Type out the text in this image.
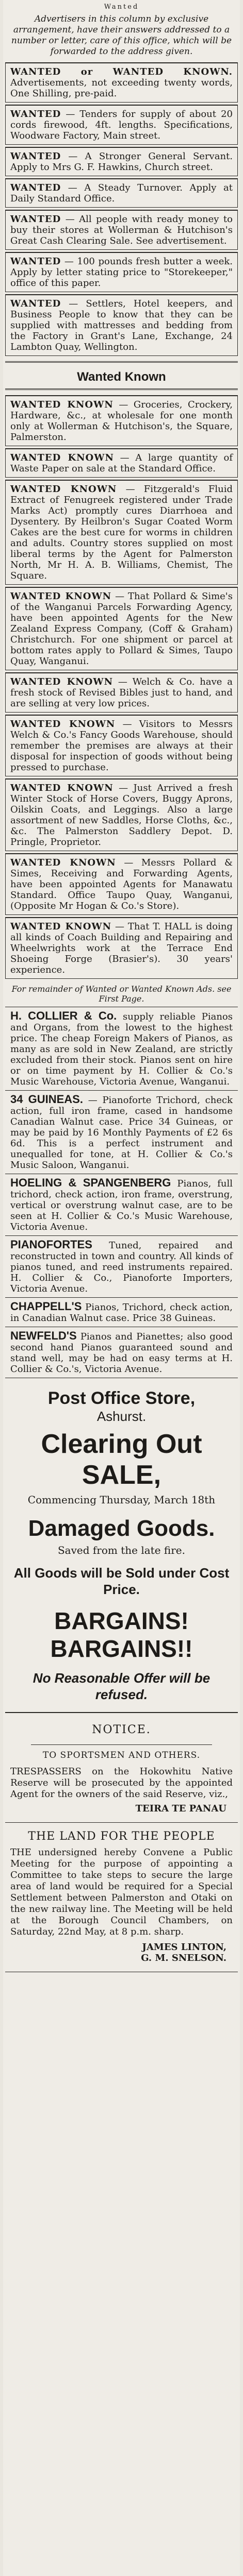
Wanted
Advertisers in this column by exclusive arrangement, have their answers addressed to a number or letter, care of this office, which will be forwarded to the address given.
WANTED or WANTED KNOWN. Advertisements, not exceeding twenty words, One Shilling, pre-paid.
WANTED — Tenders for supply of about 20 cords firewood, 4ft. lengths. Specifications, Woodware Factory, Main street.
WANTED — A Stronger General Servant. Apply to Mrs G. F. Hawkins, Church street.
WANTED — A Steady Turnover. Apply at Daily Standard Office.
WANTED — All people with ready money to buy their stores at Wollerman & Hutchison's Great Cash Clearing Sale. See advertisement.
WANTED — 100 pounds fresh butter a week. Apply by letter stating price to "Storekeeper," office of this paper.
WANTED — Settlers, Hotel keepers, and Business People to know that they can be supplied with mattresses and bedding from the Factory in Grant's Lane, Exchange, 24 Lambton Quay, Wellington.
Wanted Known
WANTED KNOWN — Groceries, Crockery, Hardware, &c., at wholesale for one month only at Wollerman & Hutchison's, the Square, Palmerston.
WANTED KNOWN — A large quantity of Waste Paper on sale at the Standard Office.
WANTED KNOWN — Fitzgerald's Fluid Extract of Fenugreek registered under Trade Marks Act) promptly cures Diarrhoea and Dysentery. By Heilbron's Sugar Coated Worm Cakes are the best cure for worms in children and adults. Country stores supplied on most liberal terms by the Agent for Palmerston North, Mr H. A. B. Williams, Chemist, The Square.
WANTED KNOWN — That Pollard & Sime's of the Wanganui Parcels Forwarding Agency, have been appointed Agents for the New Zealand Express Company, (Coff & Graham) Christchurch. For one shipment or parcel at bottom rates apply to Pollard & Simes, Taupo Quay, Wanganui.
WANTED KNOWN — Welch & Co. have a fresh stock of Revised Bibles just to hand, and are selling at very low prices.
WANTED KNOWN — Visitors to Messrs Welch & Co.'s Fancy Goods Warehouse, should remember the premises are always at their disposal for inspection of goods without being pressed to purchase.
WANTED KNOWN — Just Arrived a fresh Winter Stock of Horse Covers, Buggy Aprons, Oilskin Coats, and Leggings. Also a large assortment of new Saddles, Horse Cloths, &c., &c. The Palmerston Saddlery Depot. D. Pringle, Proprietor.
WANTED KNOWN — Messrs Pollard & Simes, Receiving and Forwarding Agents, have been appointed Agents for Manawatu Standard. Office Taupo Quay, Wanganui, (Opposite Mr Hogan & Co.'s Store).
WANTED KNOWN — That T. HALL is doing all kinds of Coach Building and Repairing and Wheelwrights work at the Terrace End Shoeing Forge (Brasier's). 30 years' experience.
For remainder of Wanted or Wanted Known Ads. see First Page.
H. COLLIER & Co. supply reliable Pianos and Organs, from the lowest to the highest price. The cheap Foreign Makers of Pianos, as many as are sold in New Zealand, are strictly excluded from their stock. Pianos sent on hire or on time payment by H. Collier & Co.'s Music Warehouse, Victoria Avenue, Wanganui.
34 GUINEAS. — Pianoforte Trichord, check action, full iron frame, cased in handsome Canadian Walnut case. Price 34 Guineas, or may be paid by 16 Monthly Payments of £2 6s 6d. This is a perfect instrument and unequalled for tone, at H. Collier & Co.'s Music Saloon, Wanganui.
HOELING & SPANGENBERG Pianos, full trichord, check action, iron frame, overstrung, vertical or overstrung walnut case, are to be seen at H. Collier & Co.'s Music Warehouse, Victoria Avenue.
PIANOFORTES Tuned, repaired and reconstructed in town and country. All kinds of pianos tuned, and reed instruments repaired. H. Collier & Co., Pianoforte Importers, Victoria Avenue.
CHAPPELL'S Pianos, Trichord, check action, in Canadian Walnut case. Price 38 Guineas.
NEWFELD'S Pianos and Pianettes; also good second hand Pianos guaranteed sound and stand well, may be had on easy terms at H. Collier & Co.'s, Victoria Avenue.
Post Office Store,
Ashurst.
Clearing Out
SALE,
Commencing Thursday, March 18th
Damaged Goods.
Saved from the late fire.
All Goods will be Sold under Cost Price.
BARGAINS! BARGAINS!!
No Reasonable Offer will be refused.
NOTICE.
TO SPORTSMEN AND OTHERS.
TRESPASSERS on the Hokowhitu Native Reserve will be prosecuted by the appointed Agent for the owners of the said Reserve, viz.,
TEIRA TE PANAU
THE LAND FOR THE PEOPLE
THE undersigned hereby Convene a Public Meeting for the purpose of appointing a Committee to take steps to secure the large area of land would be required for a Special Settlement between Palmerston and Otaki on the new railway line. The Meeting will be held at the Borough Council Chambers, on Saturday, 22nd May, at 8 p.m. sharp.
JAMES LINTON,
G. M. SNELSON.
